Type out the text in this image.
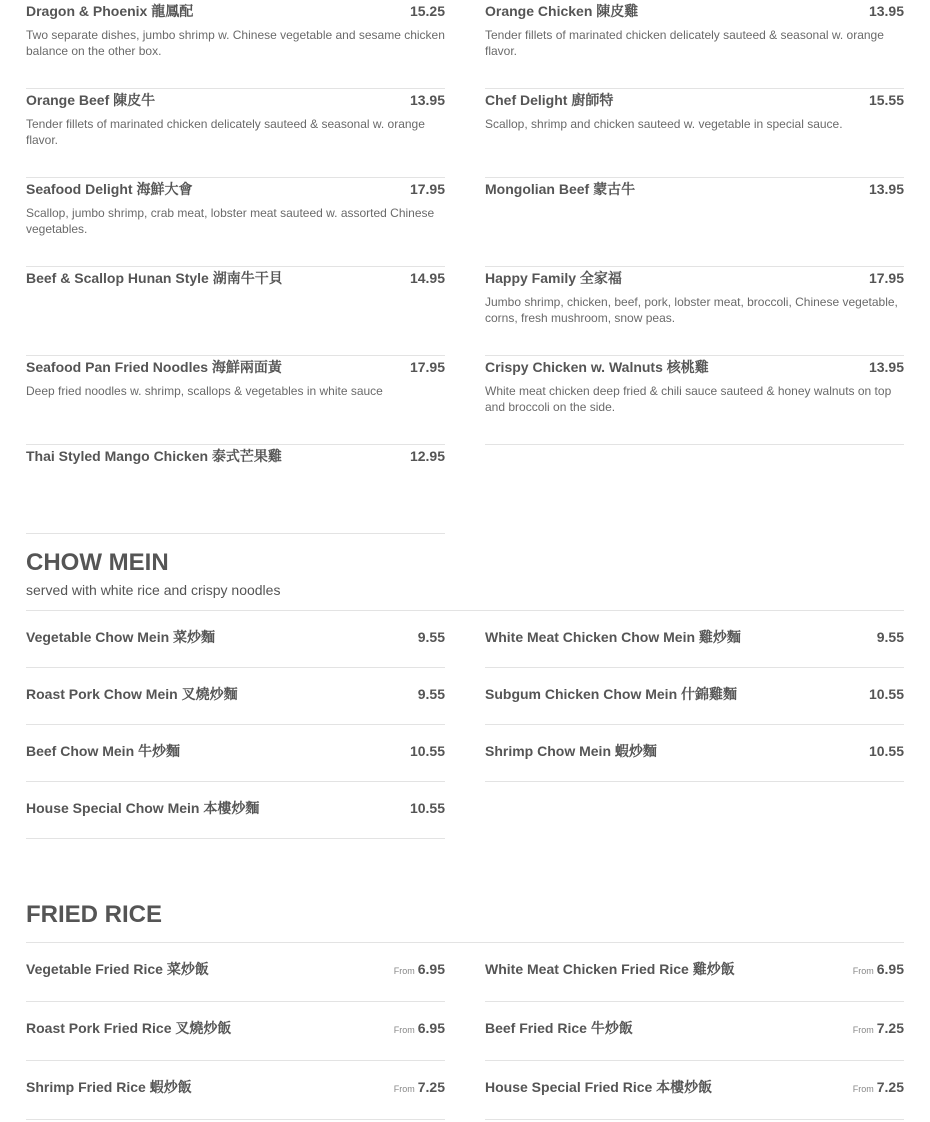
Dragon & Phoenix 龍鳳配	15.25
Two separate dishes, jumbo shrimp w. Chinese vegetable and sesame chicken balance on the other box.
Orange Chicken 陳皮雞	13.95
Tender fillets of marinated chicken delicately sauteed & seasonal w. orange flavor.
Orange Beef 陳皮牛	13.95
Tender fillets of marinated chicken delicately sauteed & seasonal w. orange flavor.
Chef Delight 廚師特	15.55
Scallop, shrimp and chicken sauteed w. vegetable in special sauce.
Seafood Delight 海鮮大會	17.95
Scallop, jumbo shrimp, crab meat, lobster meat sauteed w. assorted Chinese vegetables.
Mongolian Beef 蒙古牛	13.95
Beef & Scallop Hunan Style 湖南牛干貝	14.95	Happy Family 全家福	17.95
Jumbo shrimp, chicken, beef, pork, lobster meat, broccoli, Chinese vegetable, corns, fresh mushroom, snow peas.
Seafood Pan Fried Noodles 海鮮兩面黃	17.95
Deep fried noodles w. shrimp, scallops & vegetables in white sauce
Crispy Chicken w. Walnuts 核桃雞	13.95
White meat chicken deep fried & chili sauce sauteed & honey walnuts on top and broccoli on the side.
Thai Styled Mango Chicken 泰式芒果雞	12.95
CHOW MEIN

served with white rice and crispy noodles

Vegetable Chow Mein 菜炒麵	9.55	White Meat Chicken Chow Mein 雞炒麵	9.55
Roast Pork Chow Mein 叉燒炒麵	9.55	Subgum Chicken Chow Mein 什錦雞麵	10.55
Beef Chow Mein 牛炒麵	10.55	Shrimp Chow Mein 蝦炒麵	10.55
House Special Chow Mein 本樓炒麵	10.55
FRIED RICE
Vegetable Fried Rice 菜炒飯	From 6.95	White Meat Chicken Fried Rice 雞炒飯	From 6.95
Roast Pork Fried Rice 叉燒炒飯	From 6.95	Beef Fried Rice 牛炒飯	From 7.25
Shrimp Fried Rice 蝦炒飯	From 7.25	House Special Fried Rice 本樓炒飯	From 7.25
